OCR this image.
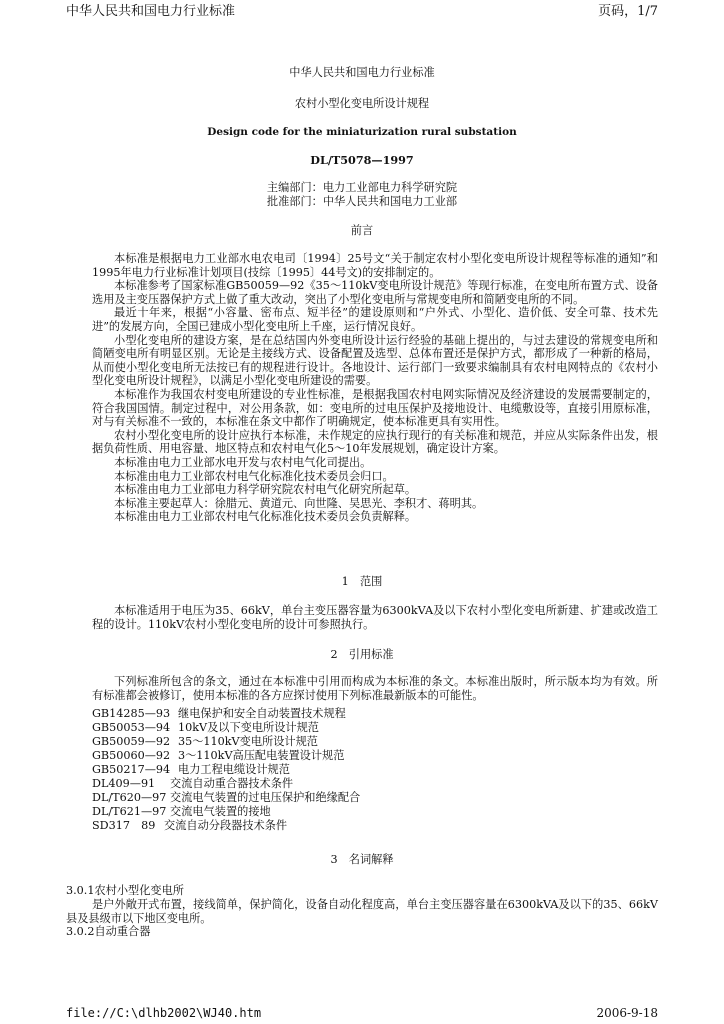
中华人民共和国电力行业标准	页码，1/7
中华人民共和国电力行业标准
农村小型化变电所设计规程
Design code for the miniaturization rural substation
DL/T5078—1997
主编部门：电力工业部电力科学研究院
批准部门：中华人民共和国电力工业部
前言

本标准是根据电力工业部水电农电司〔1994〕25号文“关于制定农村小型化变电所设计规程等标准的通知”和1995年电力行业标准计划项目(技综〔1995〕44号文)的安排制定的。

本标准参考了国家标准GB50059—92《35～110kV变电所设计规范》等现行标准，在变电所布置方式、设备选用及主变压器保护方式上做了重大改动，突出了小型化变电所与常规变电所和简陋变电所的不同。

最近十年来，根据“小容量、密布点、短半径”的建设原则和“户外式、小型化、造价低、安全可靠、技术先进”的发展方向，全国已建成小型化变电所上千座，运行情况良好。

小型化变电所的建设方案，是在总结国内外变电所设计运行经验的基础上提出的，与过去建设的常规变电所和简陋变电所有明显区别。无论是主接线方式、设备配置及选型、总体布置还是保护方式，都形成了一种新的格局，从而使小型化变电所无法按已有的规程进行设计。各地设计、运行部门一致要求编制具有农村电网特点的《农村小型化变电所设计规程》，以满足小型化变电所建设的需要。

本标准作为我国农村变电所建设的专业性标准，是根据我国农村电网实际情况及经济建设的发展需要制定的，符合我国国情。制定过程中，对公用条款，如：变电所的过电压保护及接地设计、电缆敷设等，直接引用原标准，对与有关标准不一致的，本标准在条文中都作了明确规定，使本标准更具有实用性。

农村小型化变电所的设计应执行本标准，未作规定的应执行现行的有关标准和规范，并应从实际条件出发，根据负荷性质、用电容量、地区特点和农村电气化5～10年发展规划，确定设计方案。

本标准由电力工业部水电开发与农村电气化司提出。

本标准由电力工业部农村电气化标准化技术委员会归口。

本标准由电力工业部电力科学研究院农村电气化研究所起草。

本标准主要起草人：徐腊元、黄道元、向世隆、吴思光、李积才、蒋明其。

本标准由电力工业部农村电气化标准化技术委员会负责解释。

1　范围

本标准适用于电压为35、66kV，单台主变压器容量为6300kVA及以下农村小型化变电所新建、扩建或改造工程的设计。110kV农村小型化变电所的设计可参照执行。

2　引用标准

下列标准所包含的条文，通过在本标准中引用而构成为本标准的条文。本标准出版时，所示版本均为有效。所有标准都会被修订，使用本标准的各方应探讨使用下列标准最新版本的可能性。

GB14285—93 继电保护和安全自动装置技术规程
GB50053—94 10kV及以下变电所设计规范
GB50059—92 35～110kV变电所设计规范
GB50060—92 3～110kV高压配电装置设计规范
GB50217—94 电力工程电缆设计规范
DL409—91 交流自动重合器技术条件
DL/T620—97 交流电气装置的过电压保护和绝缘配合
DL/T621—97 交流电气装置的接地
SD317　89 交流自动分段器技术条件
3　名词解释

3.0.1农村小型化变电所

是户外敞开式布置，接线简单，保护简化，设备自动化程度高，单台主变压器容量在6300kVA及以下的35、66kV县及县级市以下地区变电所。

3.0.2自动重合器

file://C:\dlhb2002\WJ40.htm	2006-9-18
